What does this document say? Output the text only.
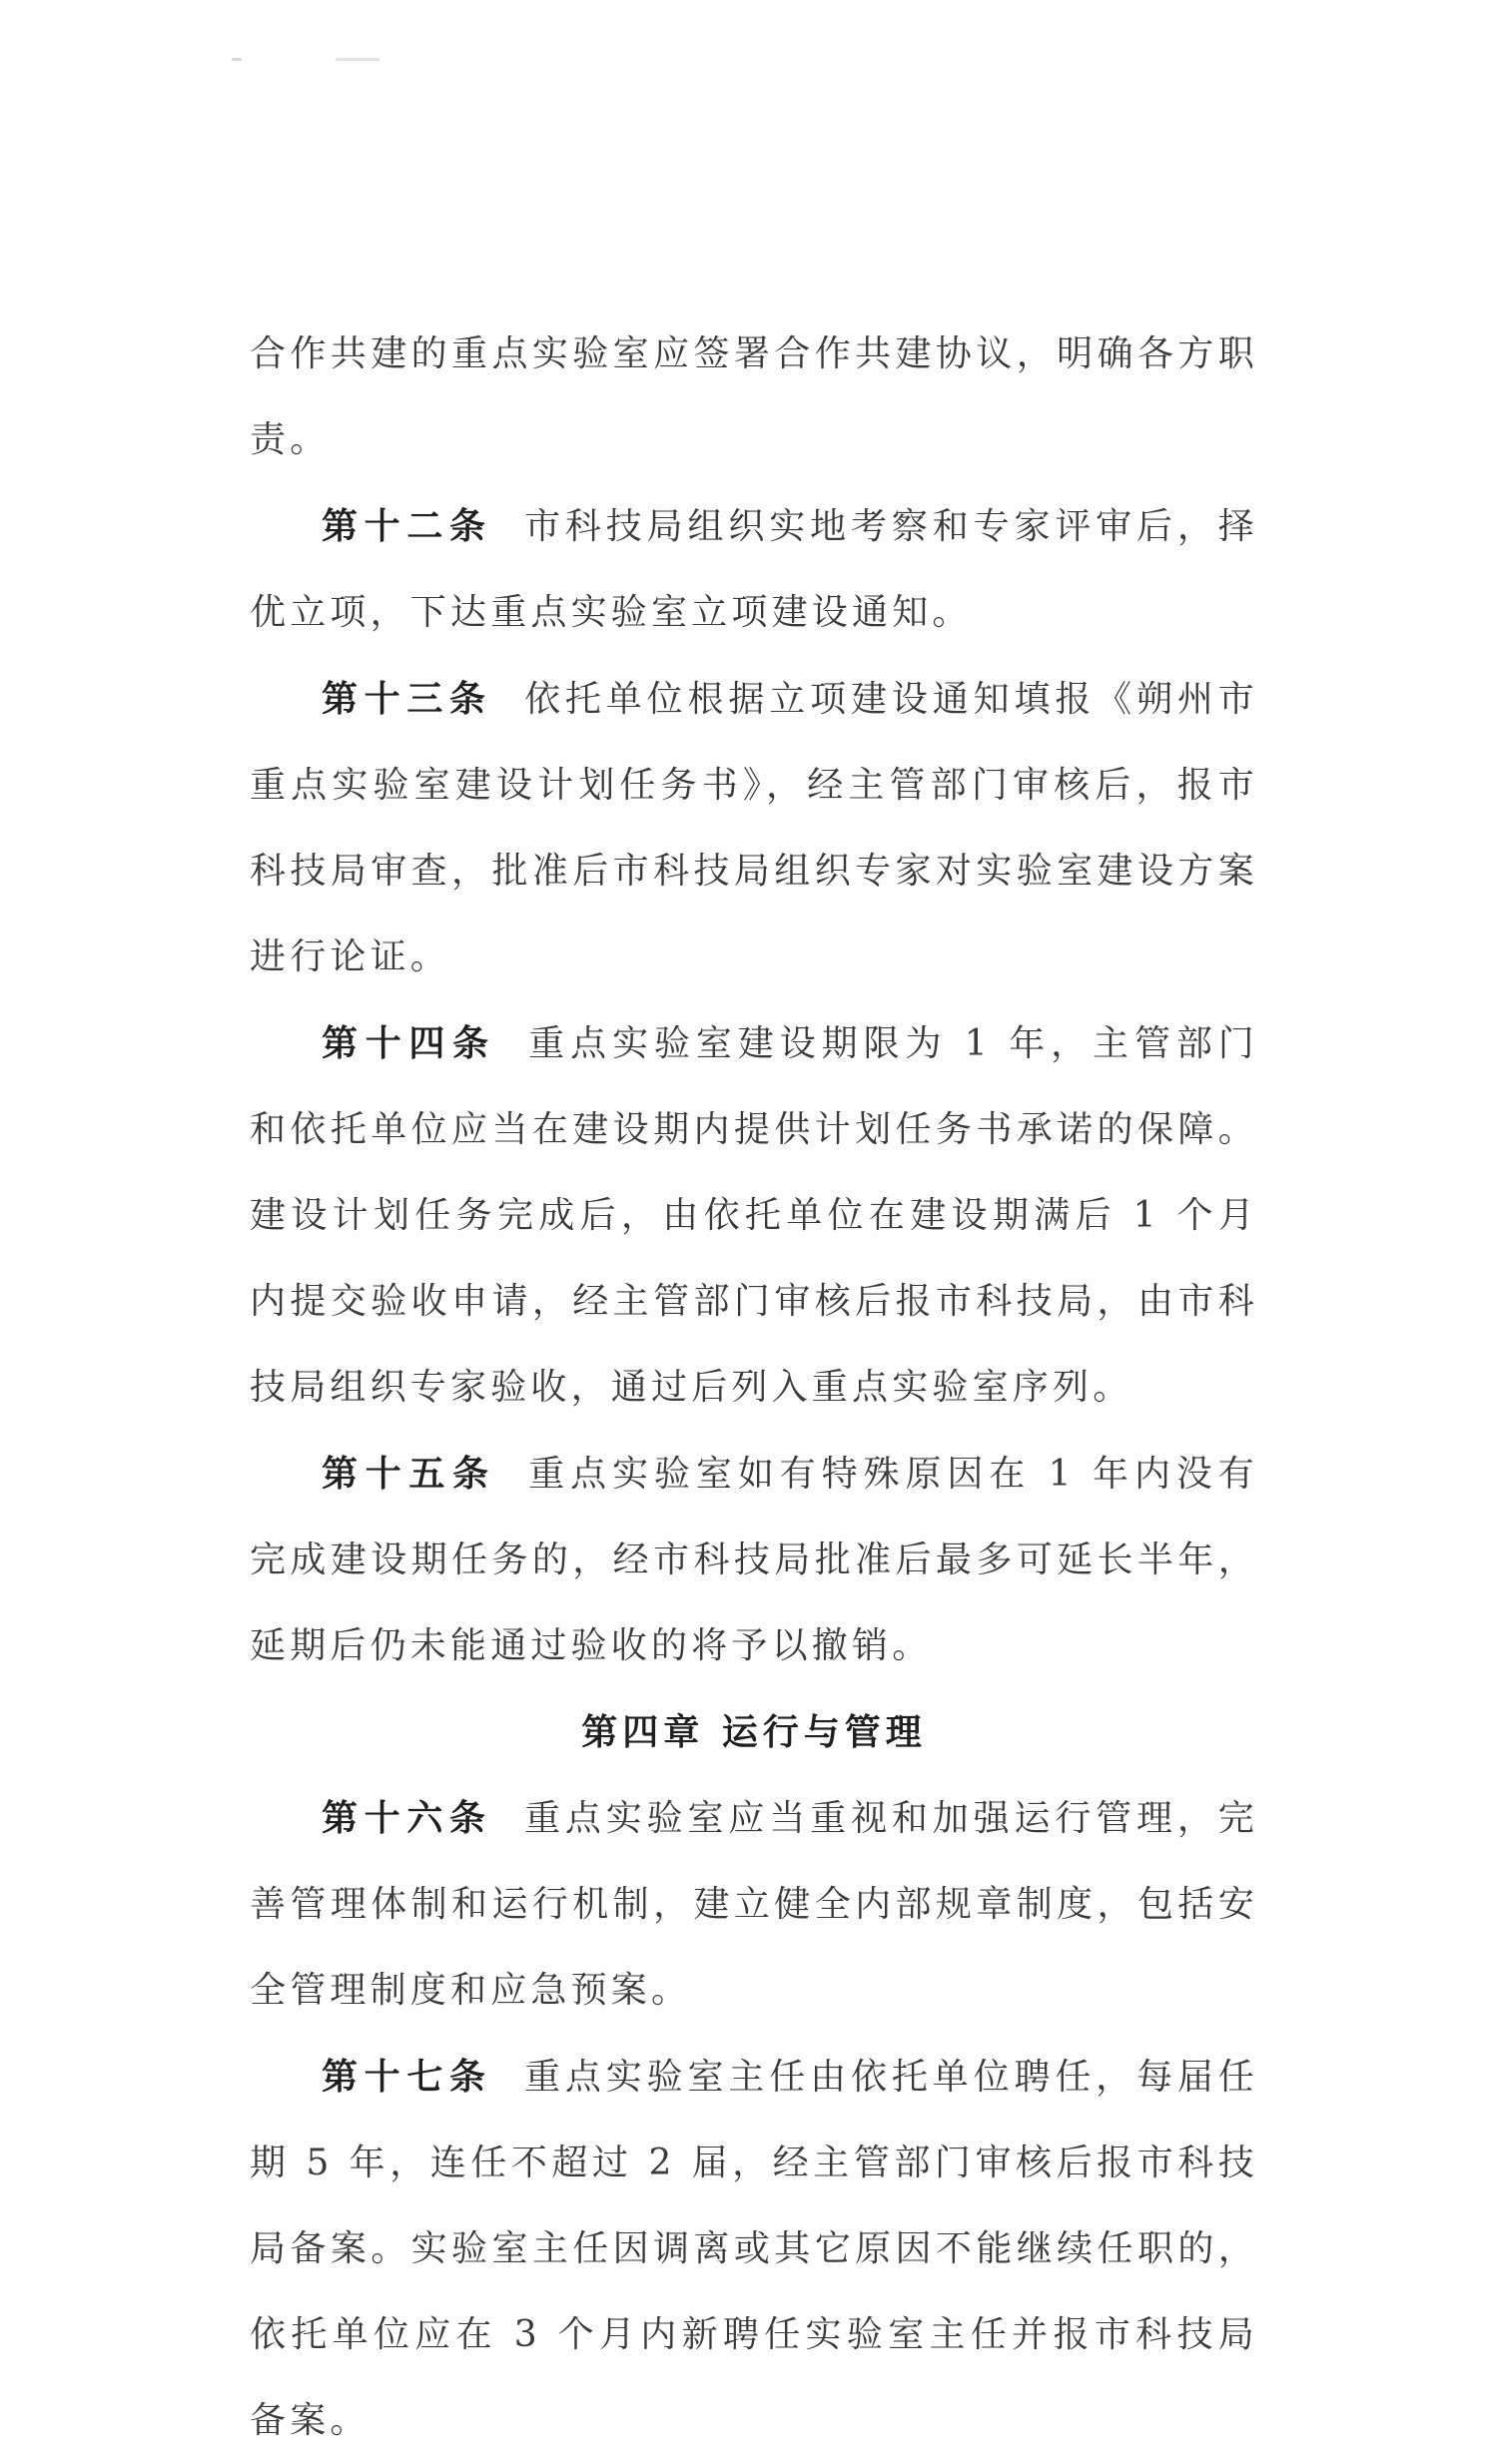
合作共建的重点实验室应签署合作共建协议，明确各方职责。

第十二条 市科技局组织实地考察和专家评审后，择优立项，下达重点实验室立项建设通知。

第十三条 依托单位根据立项建设通知填报《朔州市重点实验室建设计划任务书》，经主管部门审核后，报市科技局审查，批准后市科技局组织专家对实验室建设方案进行论证。

第十四条 重点实验室建设期限为 1 年，主管部门和依托单位应当在建设期内提供计划任务书承诺的保障。建设计划任务完成后，由依托单位在建设期满后 1 个月内提交验收申请，经主管部门审核后报市科技局，由市科技局组织专家验收，通过后列入重点实验室序列。

第十五条 重点实验室如有特殊原因在 1 年内没有完成建设期任务的，经市科技局批准后最多可延长半年，延期后仍未能通过验收的将予以撤销。

第四章 运行与管理

第十六条 重点实验室应当重视和加强运行管理，完善管理体制和运行机制，建立健全内部规章制度，包括安全管理制度和应急预案。

第十七条 重点实验室主任由依托单位聘任，每届任期 5 年，连任不超过 2 届，经主管部门审核后报市科技局备案。实验室主任因调离或其它原因不能继续任职的，依托单位应在 3 个月内新聘任实验室主任并报市科技局备案。
